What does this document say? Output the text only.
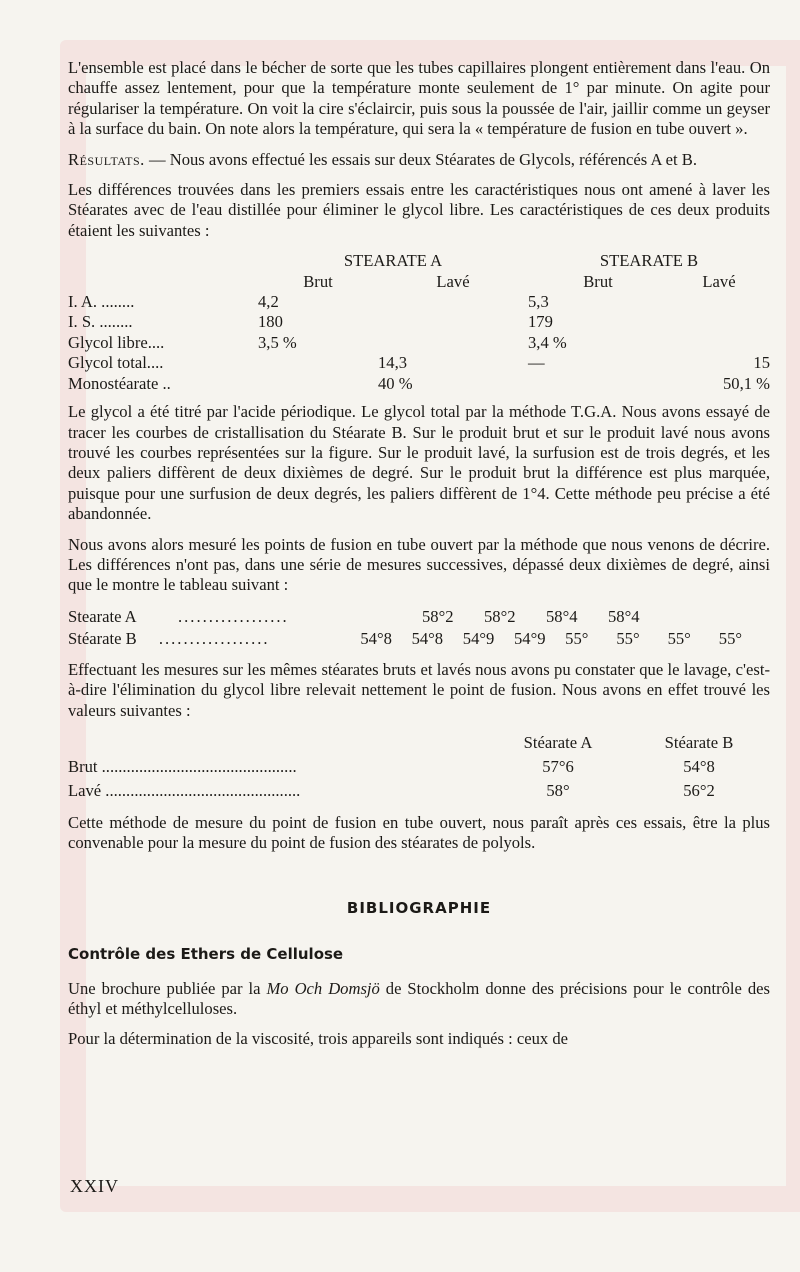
L'ensemble est placé dans le bécher de sorte que les tubes capillaires plongent entièrement dans l'eau. On chauffe assez lentement, pour que la température monte seulement de 1° par minute. On agite pour régulariser la température. On voit la cire s'éclaircir, puis sous la poussée de l'air, jaillir comme un geyser à la surface du bain. On note alors la température, qui sera la « température de fusion en tube ouvert ».

Résultats. — Nous avons effectué les essais sur deux Stéarates de Glycols, référencés A et B.

Les différences trouvées dans les premiers essais entre les caractéristiques nous ont amené à laver les Stéarates avec de l'eau distillée pour éliminer le glycol libre. Les caractéristiques de ces deux produits étaient les suivantes :

	STEARATE A		STEARATE B	
	Brut	Lavé	Brut	Lavé
I. A. ........	4,2		5,3	
I. S. ........	180		179	
Glycol libre....	3,5 %		3,4 %	
Glycol total....		14,3	—	15
Monostéarate ..		40 %		50,1 %

Le glycol a été titré par l'acide périodique. Le glycol total par la méthode T.G.A. Nous avons essayé de tracer les courbes de cristallisation du Stéarate B. Sur le produit brut et sur le produit lavé nous avons trouvé les courbes représentées sur la figure. Sur le produit lavé, la surfusion est de trois degrés, et les deux paliers diffèrent de deux dixièmes de degré. Sur le produit brut la différence est plus marquée, puisque pour une surfusion de deux degrés, les paliers diffèrent de 1°4. Cette méthode peu précise a été abandonnée.

Nous avons alors mesuré les points de fusion en tube ouvert par la méthode que nous venons de décrire. Les différences n'ont pas, dans une série de mesures successives, dépassé deux dixièmes de degré, ainsi que le montre le tableau suivant :

Stearate A	..................	58°2	58°2	58°4	58°4
Stéarate B	..................	54°8	54°8	54°9	54°9	55°	55°	55°	55°

Effectuant les mesures sur les mêmes stéarates bruts et lavés nous avons pu constater que le lavage, c'est-à-dire l'élimination du glycol libre relevait nettement le point de fusion. Nous avons en effet trouvé les valeurs suivantes :

	Stéarate A	Stéarate B
Brut ...............................................	57°6	54°8
Lavé ...............................................	58°	56°2

Cette méthode de mesure du point de fusion en tube ouvert, nous paraît après ces essais, être la plus convenable pour la mesure du point de fusion des stéarates de polyols.

BIBLIOGRAPHIE
Contrôle des Ethers de Cellulose

Une brochure publiée par la Mo Och Domsjö de Stockholm donne des précisions pour le contrôle des éthyl et méthylcelluloses.

Pour la détermination de la viscosité, trois appareils sont indiqués : ceux de

XXIV
